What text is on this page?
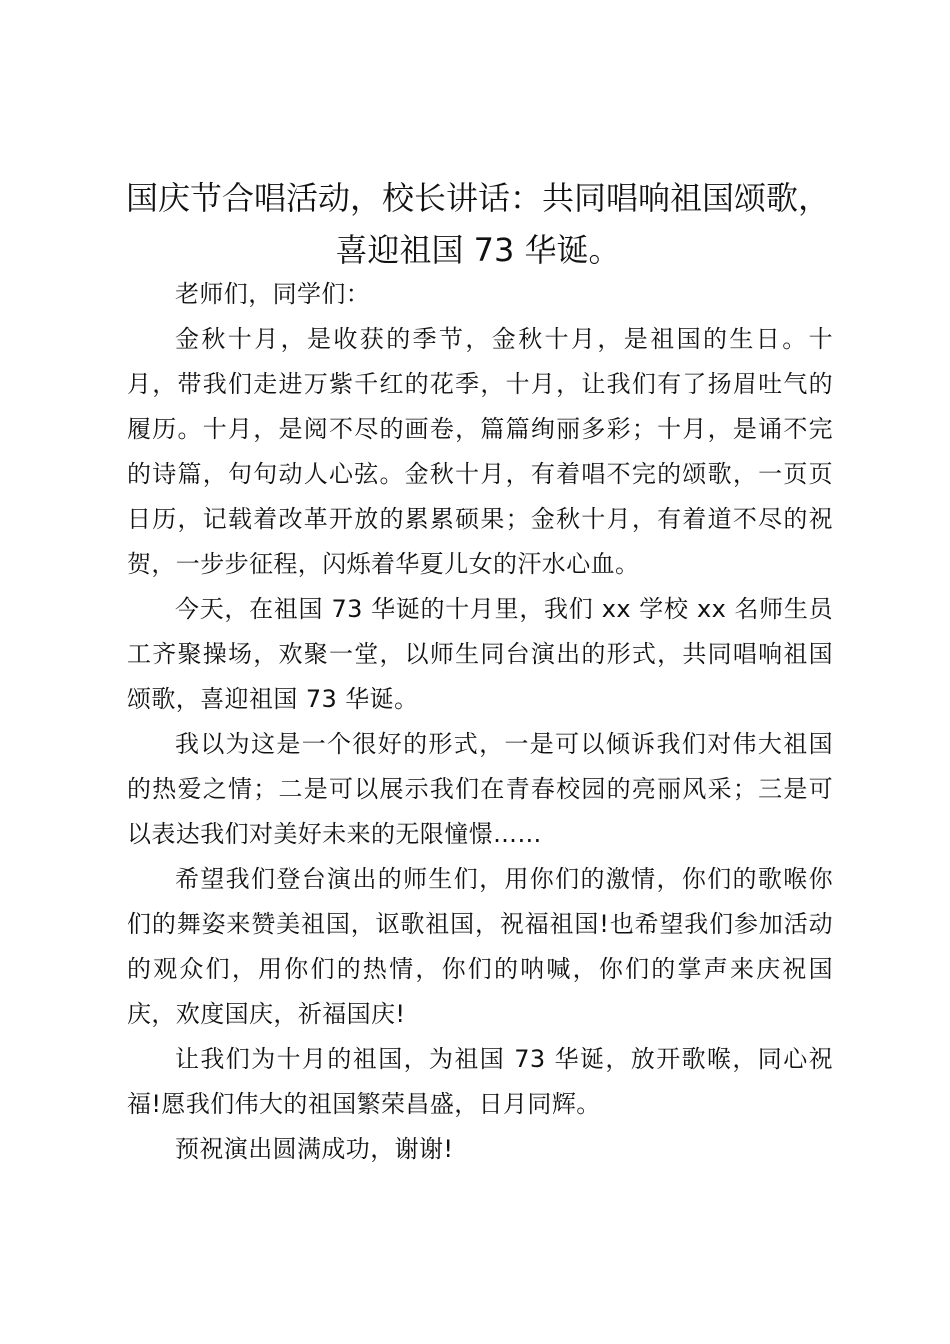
国庆节合唱活动，校长讲话：共同唱响祖国颂歌，喜迎祖国 73 华诞。

老师们，同学们：

金秋十月，是收获的季节，金秋十月，是祖国的生日。十月，带我们走进万紫千红的花季，十月，让我们有了扬眉吐气的履历。十月，是阅不尽的画卷，篇篇绚丽多彩；十月，是诵不完的诗篇，句句动人心弦。金秋十月，有着唱不完的颂歌，一页页日历，记载着改革开放的累累硕果；金秋十月，有着道不尽的祝贺，一步步征程，闪烁着华夏儿女的汗水心血。

今天，在祖国 73 华诞的十月里，我们 xx 学校 xx 名师生员工齐聚操场，欢聚一堂，以师生同台演出的形式，共同唱响祖国颂歌，喜迎祖国 73 华诞。

我以为这是一个很好的形式，一是可以倾诉我们对伟大祖国的热爱之情；二是可以展示我们在青春校园的亮丽风采；三是可以表达我们对美好未来的无限憧憬……

希望我们登台演出的师生们，用你们的激情，你们的歌喉你们的舞姿来赞美祖国，讴歌祖国，祝福祖国!也希望我们参加活动的观众们，用你们的热情，你们的呐喊，你们的掌声来庆祝国庆，欢度国庆，祈福国庆!

让我们为十月的祖国，为祖国 73 华诞，放开歌喉，同心祝福!愿我们伟大的祖国繁荣昌盛，日月同辉。

预祝演出圆满成功，谢谢!
